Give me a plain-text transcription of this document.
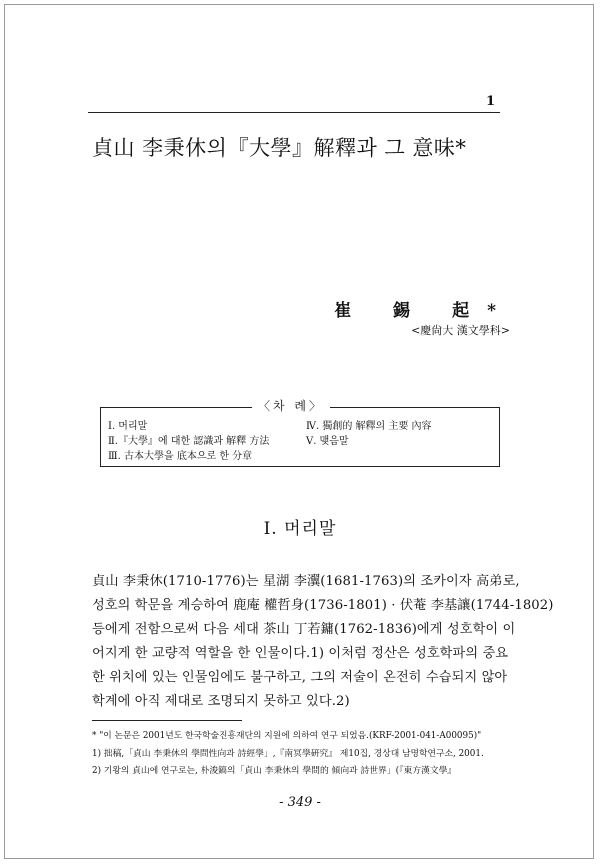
1
貞山 李秉休의『大學』解釋과 그 意味*
崔 錫 起*
<慶尙大 漢文學科>
〈차 례〉
Ⅰ. 머리말
Ⅱ.『大學』에 대한 認識과 解釋 方法
Ⅲ. 古本大學을 底本으로 한 分章
Ⅳ. 獨創的 解釋의 主要 內容
Ⅴ. 맺음말
Ⅰ. 머리말
貞山 李秉休(1710-1776)는 星湖 李瀷(1681-1763)의 조카이자 高弟로,
성호의 학문을 계승하여 鹿庵 權哲身(1736-1801) · 伏菴 李基讓(1744-1802)
등에게 전함으로써 다음 세대 茶山 丁若鏞(1762-1836)에게 성호학이 이
어지게 한 교량적 역할을 한 인물이다.1) 이처럼 정산은 성호학파의 중요
한 위치에 있는 인물임에도 불구하고, 그의 저술이 온전히 수습되지 않아
학계에 아직 제대로 조명되지 못하고 있다.2)
* "이 논문은 2001년도 한국학술진흥재단의 지원에 의하여 연구 되었음.(KRF-2001-041-A00095)"
1) 拙稿,「貞山 李秉休의 學問性向과 詩經學」,『南冥學硏究』 제10집, 경상대 남명학연구소, 2001.
2) 기왕의 貞山에 연구로는, 朴浚鎬의「貞山 李秉休의 學問的 傾向과 詩世界」(『東方漢文學』
- 349 -
